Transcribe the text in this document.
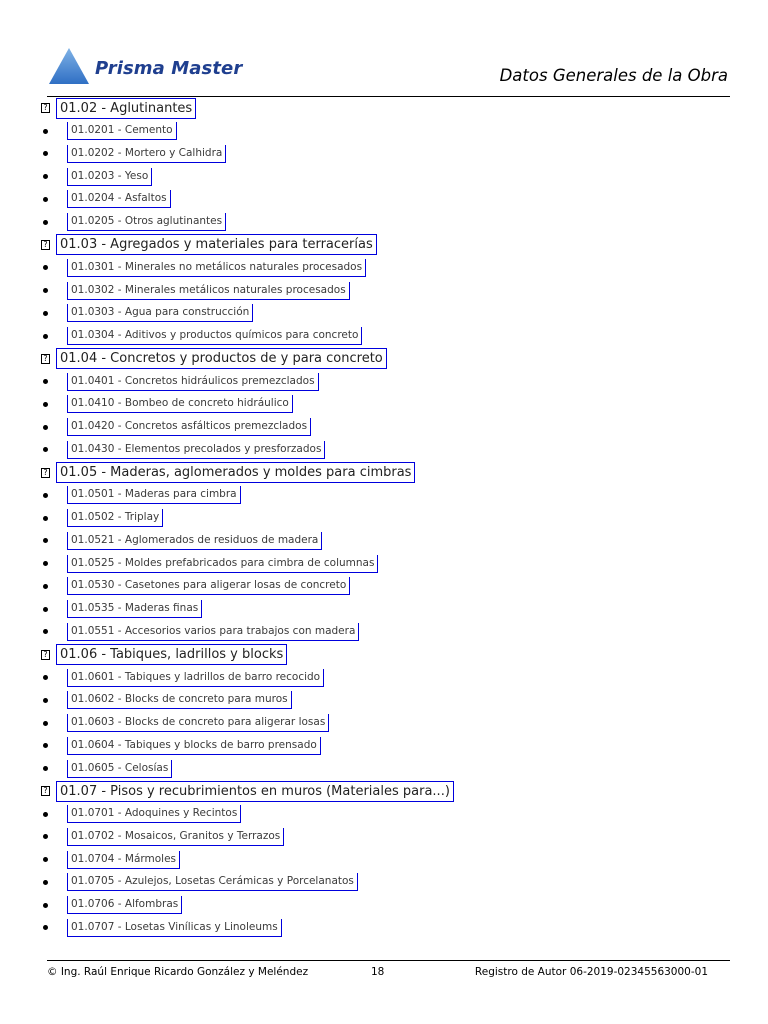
Prisma Master	Datos Generales de la Obra
? 01.02 - Aglutinantes
01.0201 - Cemento
01.0202 - Mortero y Calhidra
01.0203 - Yeso
01.0204 - Asfaltos
01.0205 - Otros aglutinantes
? 01.03 - Agregados y materiales para terracerías
01.0301 - Minerales no metálicos naturales procesados
01.0302 - Minerales metálicos naturales procesados
01.0303 - Agua para construcción
01.0304 - Aditivos y productos químicos para concreto
? 01.04 - Concretos y productos de y para concreto
01.0401 - Concretos hidráulicos premezclados
01.0410 - Bombeo de concreto hidráulico
01.0420 - Concretos asfálticos premezclados
01.0430 - Elementos precolados y presforzados
? 01.05 - Maderas, aglomerados y moldes para cimbras
01.0501 - Maderas para cimbra
01.0502 - Triplay
01.0521 - Aglomerados de residuos de madera
01.0525 - Moldes prefabricados para cimbra de columnas
01.0530 - Casetones para aligerar losas de concreto
01.0535 - Maderas finas
01.0551 - Accesorios varios para trabajos con madera
? 01.06 - Tabiques, ladrillos y blocks
01.0601 - Tabiques y ladrillos de barro recocido
01.0602 - Blocks de concreto para muros
01.0603 - Blocks de concreto para aligerar losas
01.0604 - Tabiques y blocks de barro prensado
01.0605 - Celosías
? 01.07 - Pisos y recubrimientos en muros (Materiales para...)
01.0701 - Adoquines y Recintos
01.0702 - Mosaicos, Granitos y Terrazos
01.0704 - Mármoles
01.0705 - Azulejos, Losetas Cerámicas y Porcelanatos
01.0706 - Alfombras
01.0707 - Losetas Vinílicas y Linoleums
© Ing. Raúl Enrique Ricardo González y Meléndez	18	Registro de Autor 06-2019-02345563000-01
